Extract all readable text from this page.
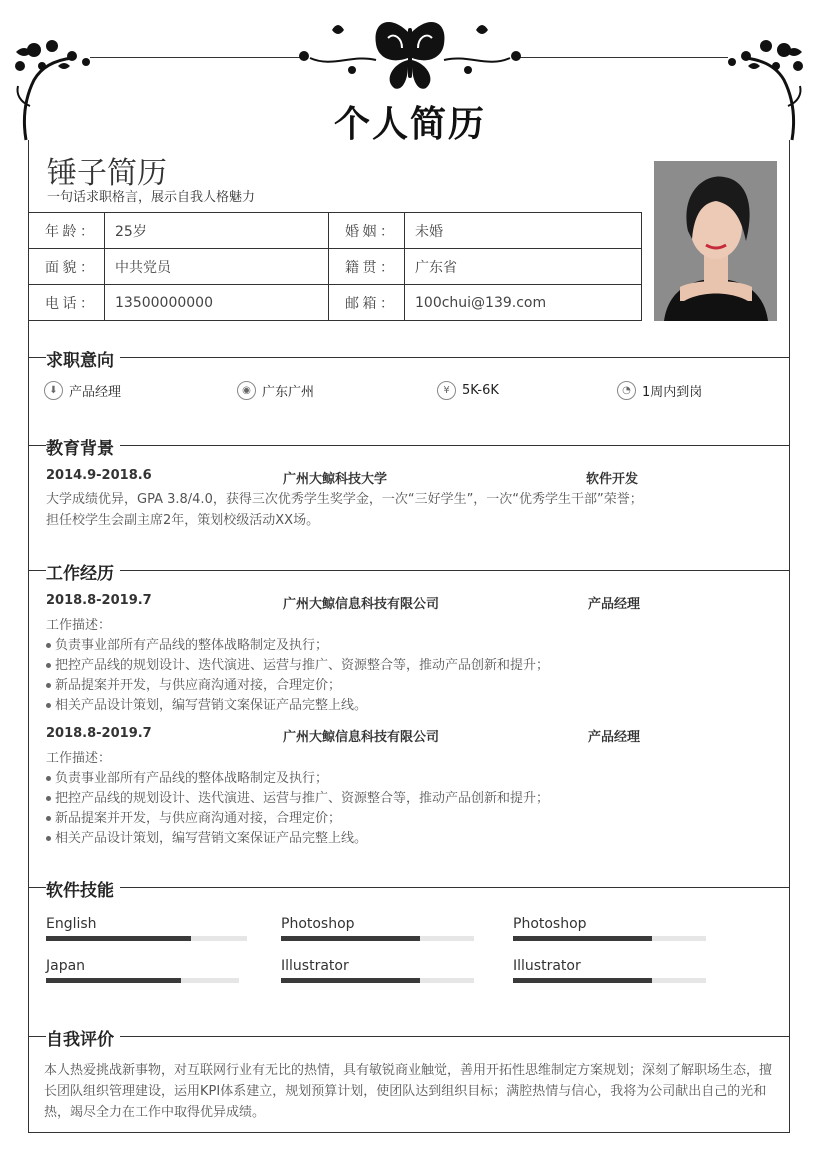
个人简历
锤子简历
一句话求职格言，展示自我人格魅力
年龄：	25岁	婚姻：	未婚
面貌：	中共党员	籍贯：	广东省
电话：	13500000000	邮箱：	100chui@139.com
求职意向
⬇ 产品经理	◉ 广东广州	¥ 5K-6K	◔ 1周内到岗
教育背景
2014.9-2018.6	广州大鲸科技大学	软件开发
大学成绩优异，GPA 3.8/4.0，获得三次优秀学生奖学金，一次“三好学生”，一次“优秀学生干部”荣誉；
担任校学生会副主席2年，策划校级活动XX场。
工作经历
2018.8-2019.7	广州大鲸信息科技有限公司	产品经理
工作描述：
负责事业部所有产品线的整体战略制定及执行；
把控产品线的规划设计、迭代演进、运营与推广、资源整合等，推动产品创新和提升；
新品提案并开发，与供应商沟通对接，合理定价；
相关产品设计策划，编写营销文案保证产品完整上线。
2018.8-2019.7	广州大鲸信息科技有限公司	产品经理
工作描述：
负责事业部所有产品线的整体战略制定及执行；
把控产品线的规划设计、迭代演进、运营与推广、资源整合等，推动产品创新和提升；
新品提案并开发，与供应商沟通对接，合理定价；
相关产品设计策划，编写营销文案保证产品完整上线。
软件技能
English	Photoshop	Photoshop
Japan	Illustrator	Illustrator
自我评价
本人热爱挑战新事物，对互联网行业有无比的热情，具有敏锐商业触觉，善用开拓性思维制定方案规划；深刻了解职场生态，擅长团队组织管理建设，运用KPI体系建立，规划预算计划，使团队达到组织目标；满腔热情与信心，我将为公司献出自己的光和热，竭尽全力在工作中取得优异成绩。
